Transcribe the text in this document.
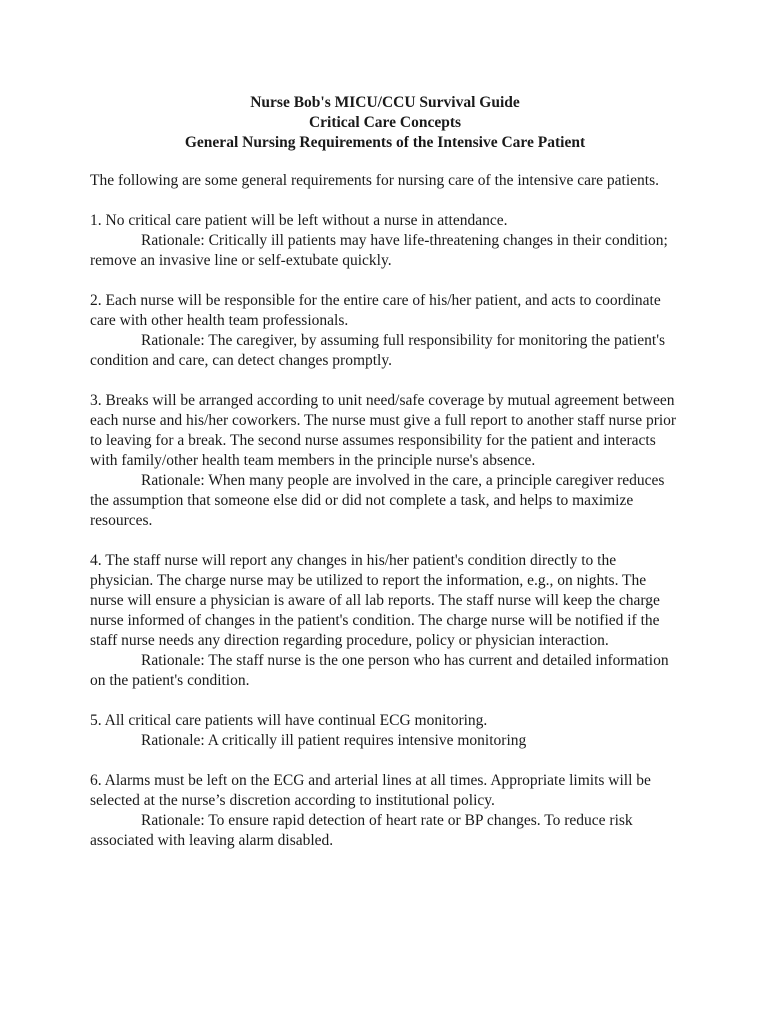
Nurse Bob's MICU/CCU Survival Guide
Critical Care Concepts
General Nursing Requirements of the Intensive Care Patient

The following are some general requirements for nursing care of the intensive care patients.

1. No critical care patient will be left without a nurse in attendance.

Rationale: Critically ill patients may have life-threatening changes in their condition; remove an invasive line or self-extubate quickly.

2. Each nurse will be responsible for the entire care of his/her patient, and acts to coordinate care with other health team professionals.

Rationale: The caregiver, by assuming full responsibility for monitoring the patient's condition and care, can detect changes promptly.

3. Breaks will be arranged according to unit need/safe coverage by mutual agreement between each nurse and his/her coworkers. The nurse must give a full report to another staff nurse prior to leaving for a break. The second nurse assumes responsibility for the patient and interacts with family/other health team members in the principle nurse's absence.

Rationale: When many people are involved in the care, a principle caregiver reduces the assumption that someone else did or did not complete a task, and helps to maximize resources.

4. The staff nurse will report any changes in his/her patient's condition directly to the physician. The charge nurse may be utilized to report the information, e.g., on nights. The nurse will ensure a physician is aware of all lab reports. The staff nurse will keep the charge nurse informed of changes in the patient's condition. The charge nurse will be notified if the staff nurse needs any direction regarding procedure, policy or physician interaction.

Rationale: The staff nurse is the one person who has current and detailed information on the patient's condition.

5. All critical care patients will have continual ECG monitoring.

Rationale: A critically ill patient requires intensive monitoring

6. Alarms must be left on the ECG and arterial lines at all times. Appropriate limits will be selected at the nurse’s discretion according to institutional policy.

Rationale: To ensure rapid detection of heart rate or BP changes. To reduce risk associated with leaving alarm disabled.
